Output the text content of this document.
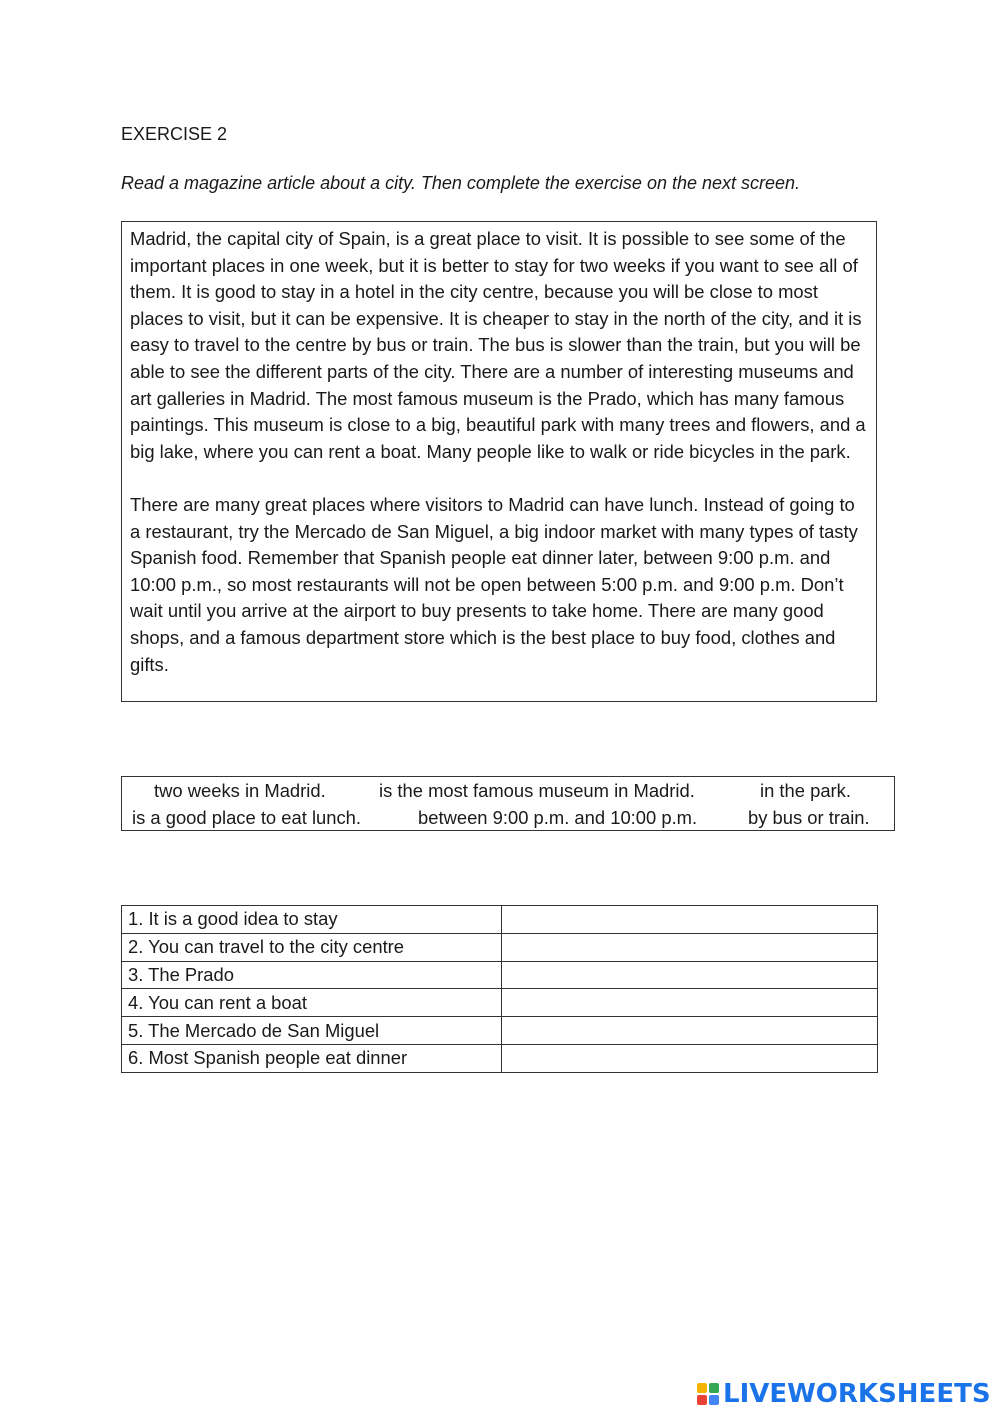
EXERCISE 2
Read a magazine article about a city. Then complete the exercise on the next screen.

Madrid, the capital city of Spain, is a great place to visit. It is possible to see some of the important places in one week, but it is better to stay for two weeks if you want to see all of them. It is good to stay in a hotel in the city centre, because you will be close to most places to visit, but it can be expensive. It is cheaper to stay in the north of the city, and it is easy to travel to the centre by bus or train. The bus is slower than the train, but you will be able to see the different parts of the city. There are a number of interesting museums and art galleries in Madrid. The most famous museum is the Prado, which has many famous paintings. This museum is close to a big, beautiful park with many trees and flowers, and a big lake, where you can rent a boat. Many people like to walk or ride bicycles in the park.

There are many great places where visitors to Madrid can have lunch. Instead of going to a restaurant, try the Mercado de San Miguel, a big indoor market with many types of tasty Spanish food. Remember that Spanish people eat dinner later, between 9:00 p.m. and 10:00 p.m., so most restaurants will not be open between 5:00 p.m. and 9:00 p.m. Don’t wait until you arrive at the airport to buy presents to take home. There are many good shops, and a famous department store which is the best place to buy food, clothes and gifts.

two weeks in Madrid.	is the most famous museum in Madrid.	in the park.
is a good place to eat lunch.	between 9:00 p.m. and 10:00 p.m.	by bus or train.
1. It is a good idea to stay	
2. You can travel to the city centre	
3. The Prado	
4. You can rent a boat	
5. The Mercado de San Miguel	
6. Most Spanish people eat dinner	
LIVEWORKSHEETS
